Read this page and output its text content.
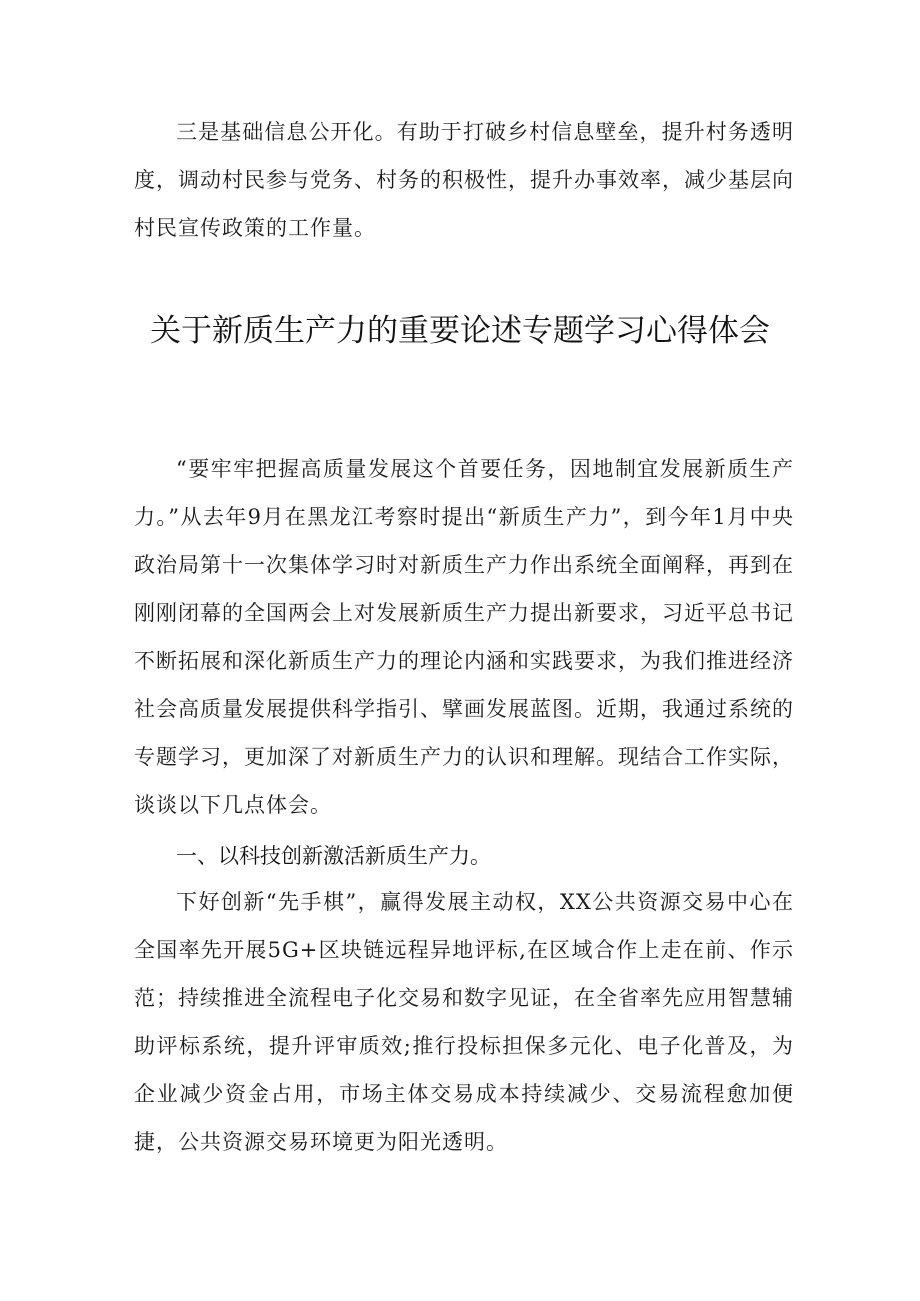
三是基础信息公开化。有助于打破乡村信息壁垒，提升村务透明度，调动村民参与党务、村务的积极性，提升办事效率，减少基层向村民宣传政策的工作量。

关于新质生产力的重要论述专题学习心得体会

“要牢牢把握高质量发展这个首要任务，因地制宜发展新质生产力。”从去年9月在黑龙江考察时提出“新质生产力”，到今年1月中央政治局第十一次集体学习时对新质生产力作出系统全面阐释，再到在刚刚闭幕的全国两会上对发展新质生产力提出新要求，习近平总书记不断拓展和深化新质生产力的理论内涵和实践要求，为我们推进经济社会高质量发展提供科学指引、擘画发展蓝图。近期，我通过系统的专题学习，更加深了对新质生产力的认识和理解。现结合工作实际，谈谈以下几点体会。

一、以科技创新激活新质生产力。

下好创新“先手棋”，赢得发展主动权，XX公共资源交易中心在全国率先开展5G+区块链远程异地评标,在区域合作上走在前、作示范；持续推进全流程电子化交易和数字见证，在全省率先应用智慧辅助评标系统，提升评审质效;推行投标担保多元化、电子化普及，为企业减少资金占用，市场主体交易成本持续减少、交易流程愈加便捷，公共资源交易环境更为阳光透明。
